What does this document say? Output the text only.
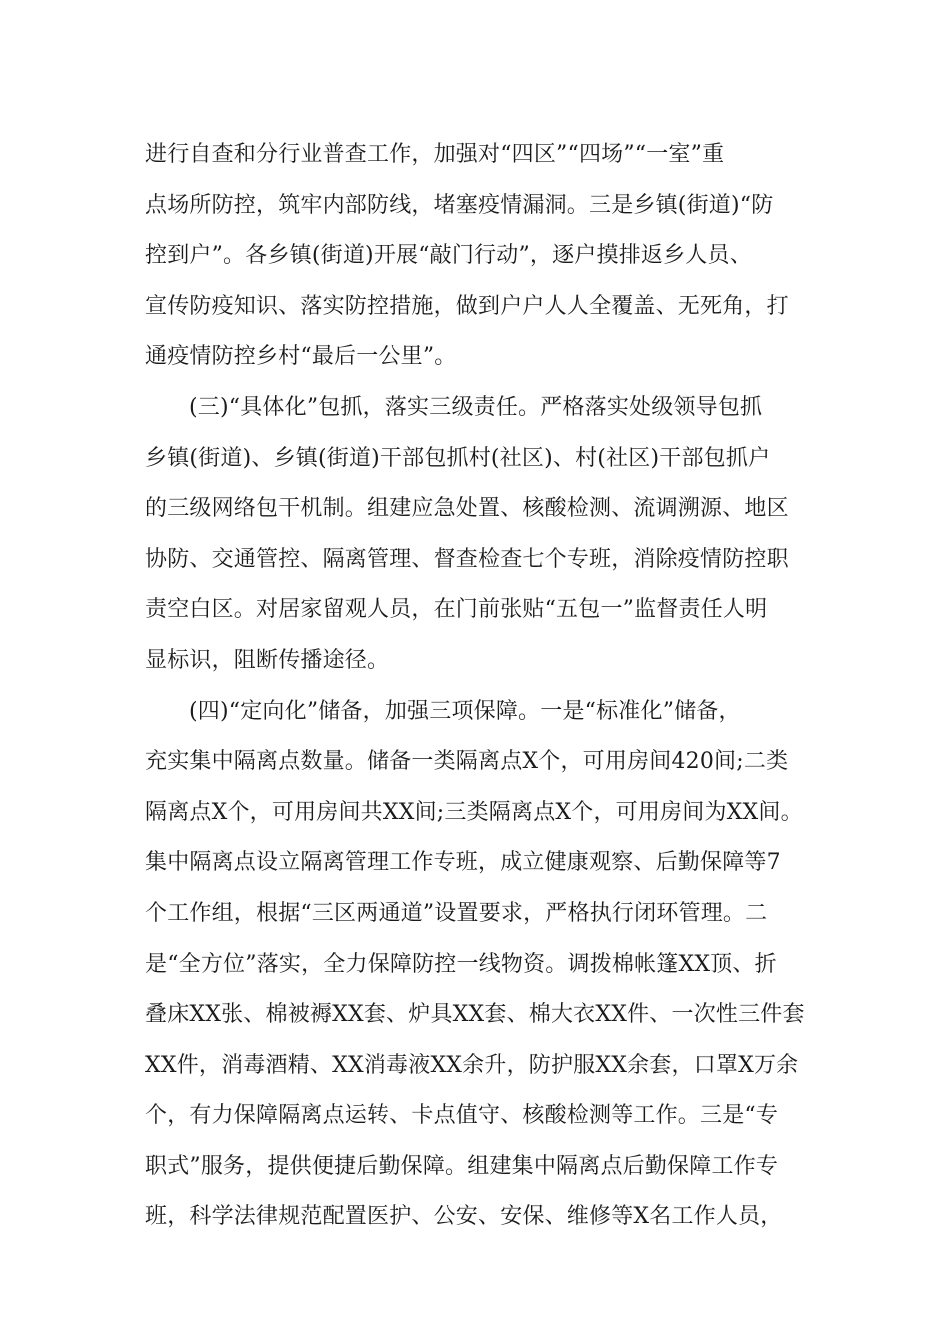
进行自查和分行业普查工作，加强对“四区”“四场”“一室”重
点场所防控，筑牢内部防线，堵塞疫情漏洞。三是乡镇(街道)“防
控到户”。各乡镇(街道)开展“敲门行动”，逐户摸排返乡人员、
宣传防疫知识、落实防控措施，做到户户人人全覆盖、无死角，打
通疫情防控乡村“最后一公里”。
(三)“具体化”包抓，落实三级责任。严格落实处级领导包抓
乡镇(街道)、乡镇(街道)干部包抓村(社区)、村(社区)干部包抓户
的三级网络包干机制。组建应急处置、核酸检测、流调溯源、地区
协防、交通管控、隔离管理、督查检查七个专班，消除疫情防控职
责空白区。对居家留观人员，在门前张贴“五包一”监督责任人明
显标识，阻断传播途径。
(四)“定向化”储备，加强三项保障。一是“标准化”储备，
充实集中隔离点数量。储备一类隔离点X个，可用房间420间;二类
隔离点X个，可用房间共XX间;三类隔离点X个，可用房间为XX间。
集中隔离点设立隔离管理工作专班，成立健康观察、后勤保障等7
个工作组，根据“三区两通道”设置要求，严格执行闭环管理。二
是“全方位”落实，全力保障防控一线物资。调拨棉帐篷XX顶、折
叠床XX张、棉被褥XX套、炉具XX套、棉大衣XX件、一次性三件套
XX件，消毒酒精、XX消毒液XX余升，防护服XX余套，口罩X万余
个，有力保障隔离点运转、卡点值守、核酸检测等工作。三是“专
职式”服务，提供便捷后勤保障。组建集中隔离点后勤保障工作专
班，科学法律规范配置医护、公安、安保、维修等X名工作人员，
